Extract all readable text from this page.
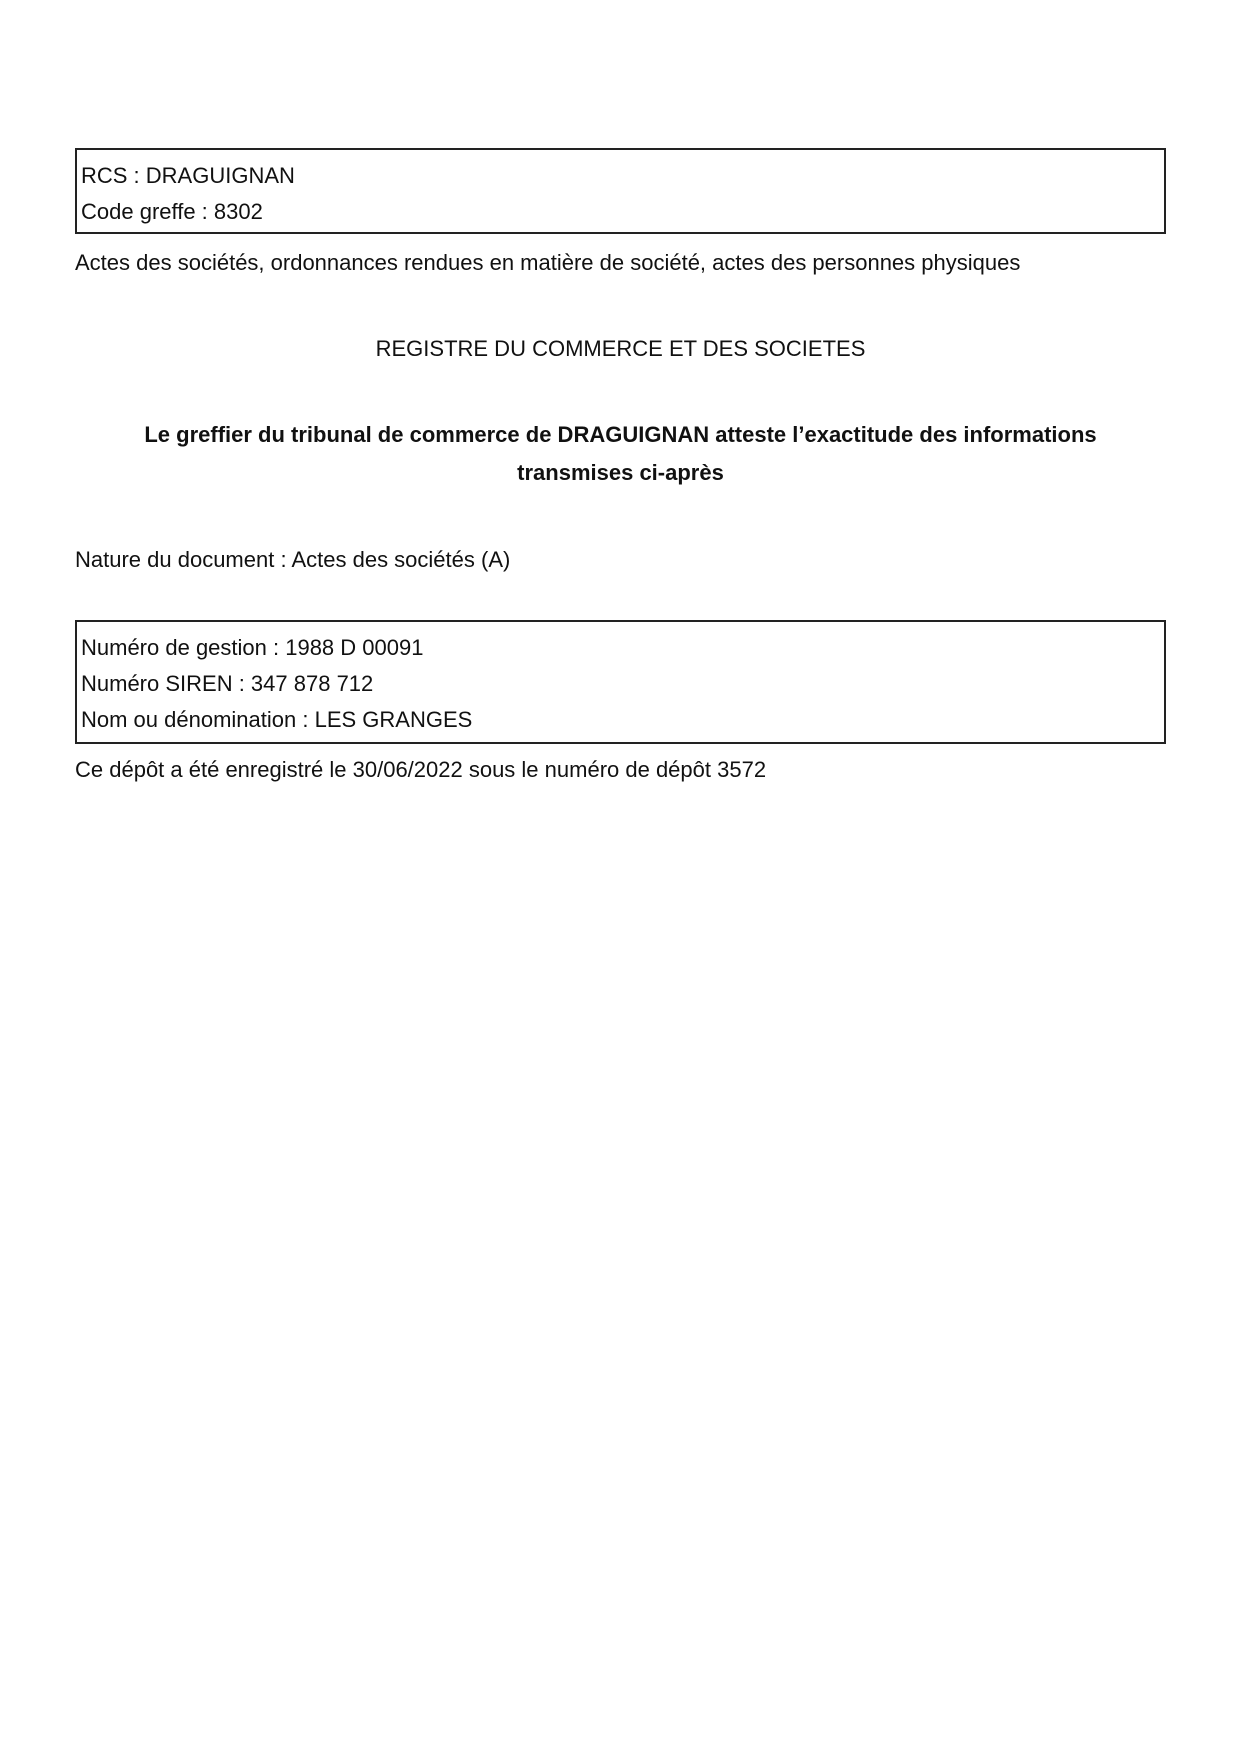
RCS : DRAGUIGNAN
Code greffe : 8302
Actes des sociétés, ordonnances rendues en matière de société, actes des personnes physiques
REGISTRE DU COMMERCE ET DES SOCIETES
Le greffier du tribunal de commerce de DRAGUIGNAN atteste l’exactitude des informations
transmises ci-après
Nature du document : Actes des sociétés (A)
Numéro de gestion : 1988 D 00091
Numéro SIREN : 347 878 712
Nom ou dénomination : LES GRANGES
Ce dépôt a été enregistré le 30/06/2022 sous le numéro de dépôt 3572
